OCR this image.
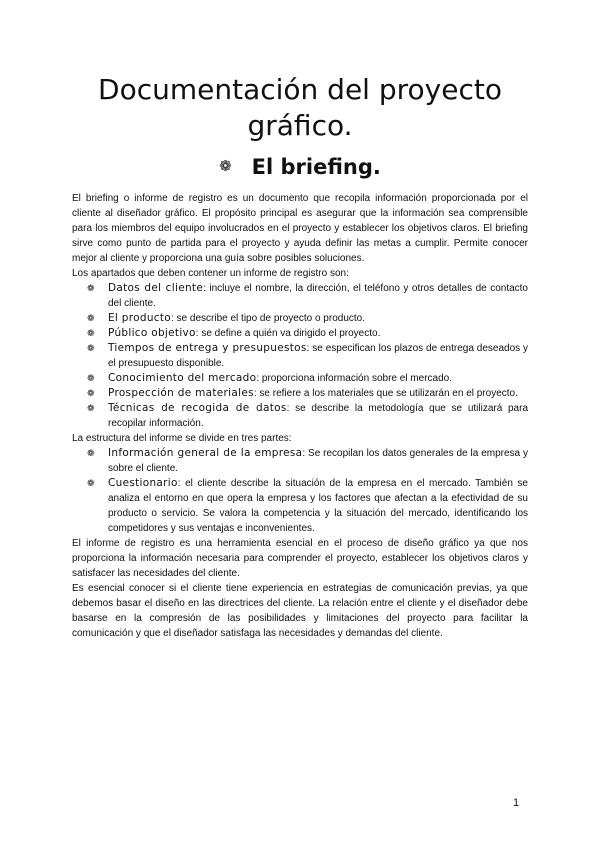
Documentación del proyecto gráfico.
❁ El briefing.

El briefing o informe de registro es un documento que recopila información proporcionada por el cliente al diseñador gráfico. El propósito principal es asegurar que la información sea comprensible para los miembros del equipo involucrados en el proyecto y establecer los objetivos claros. El briefing sirve como punto de partida para el proyecto y ayuda definir las metas a cumplir. Permite conocer mejor al cliente y proporciona una guía sobre posibles soluciones.

Los apartados que deben contener un informe de registro son:

❁ Datos del cliente: incluye el nombre, la dirección, el teléfono y otros detalles de contacto del cliente.
❁ El producto: se describe el tipo de proyecto o producto.
❁ Público objetivo: se define a quién va dirigido el proyecto.
❁ Tiempos de entrega y presupuestos: se especifican los plazos de entrega deseados y el presupuesto disponible.
❁ Conocimiento del mercado: proporciona información sobre el mercado.
❁ Prospección de materiales: se refiere a los materiales que se utilizarán en el proyecto.
❁ Técnicas de recogida de datos: se describe la metodología que se utilizará para recopilar información.

La estructura del informe se divide en tres partes:

❁ Información general de la empresa: Se recopilan los datos generales de la empresa y sobre el cliente.
❁ Cuestionario: el cliente describe la situación de la empresa en el mercado. También se analiza el entorno en que opera la empresa y los factores que afectan a la efectividad de su producto o servicio. Se valora la competencia y la situación del mercado, identificando los competidores y sus ventajas e inconvenientes.

El informe de registro es una herramienta esencial en el proceso de diseño gráfico ya que nos proporciona la información necesaria para comprender el proyecto, establecer los objetivos claros y satisfacer las necesidades del cliente.

Es esencial conocer si el cliente tiene experiencia en estrategias de comunicación previas, ya que debemos basar el diseño en las directrices del cliente. La relación entre el cliente y el diseñador debe basarse en la compresión de las posibilidades y limitaciones del proyecto para facilitar la comunicación y que el diseñador satisfaga las necesidades y demandas del cliente.

1
